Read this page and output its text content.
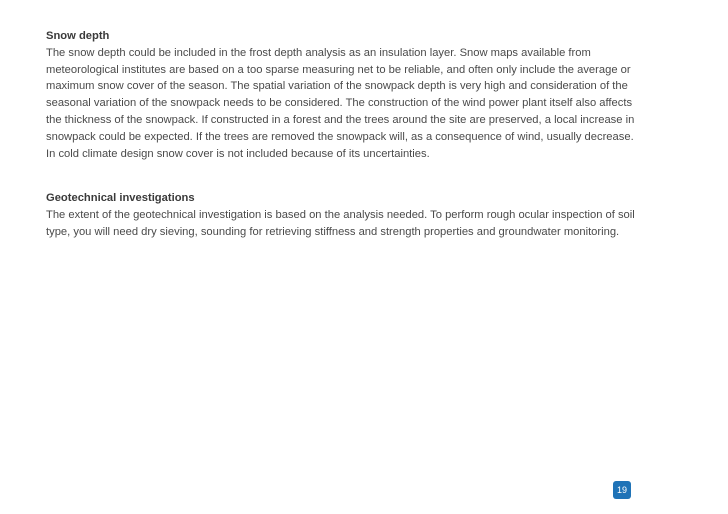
Snow depth

The snow depth could be included in the frost depth analysis as an insulation layer. Snow maps available from meteorological institutes are based on a too sparse measuring net to be reliable, and often only include the average or maximum snow cover of the season. The spatial variation of the snowpack depth is very high and consideration of the seasonal variation of the snowpack needs to be considered. The construction of the wind power plant itself also affects the thickness of the snowpack. If constructed in a forest and the trees around the site are preserved, a local increase in snowpack could be expected. If the trees are removed the snowpack will, as a consequence of wind, usually decrease. In cold climate design snow cover is not included because of its uncertainties.

Geotechnical investigations

The extent of the geotechnical investigation is based on the analysis needed. To perform rough ocular inspection of soil type, you will need dry sieving, sounding for retrieving stiffness and strength properties and groundwater monitoring.

19
